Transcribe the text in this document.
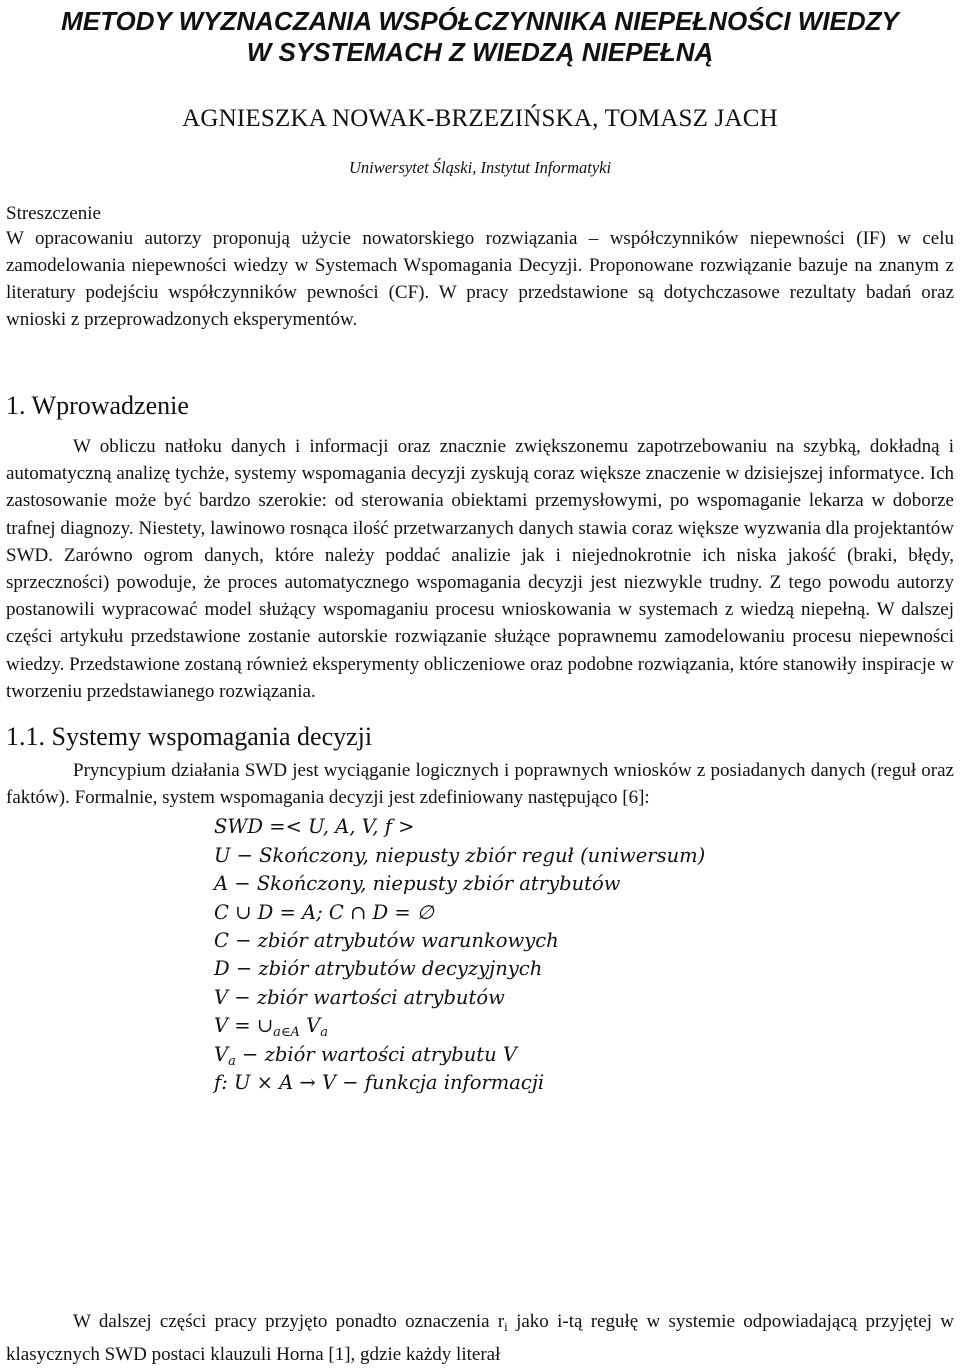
METODY WYZNACZANIA WSPÓŁCZYNNIKA NIEPEŁNOŚCI WIEDZY
W SYSTEMACH Z WIEDZĄ NIEPEŁNĄ
AGNIESZKA NOWAK-BRZEZIŃSKA, TOMASZ JACH
Uniwersytet Śląski, Instytut Informatyki
Streszczenie
W opracowaniu autorzy proponują użycie nowatorskiego rozwiązania – współczynników niepewności (IF) w celu zamodelowania niepewności wiedzy w Systemach Wspomagania Decyzji. Proponowane rozwiązanie bazuje na znanym z literatury podejściu współczynników pewności (CF). W pracy przedstawione są dotychczasowe rezultaty badań oraz wnioski z przeprowadzonych eksperymentów.
1. Wprowadzenie

W obliczu natłoku danych i informacji oraz znacznie zwiększonemu zapotrzebowaniu na szybką, dokładną i automatyczną analizę tychże, systemy wspomagania decyzji zyskują coraz większe znaczenie w dzisiejszej informatyce. Ich zastosowanie może być bardzo szerokie: od sterowania obiektami przemysłowymi, po wspomaganie lekarza w doborze trafnej diagnozy. Niestety, lawinowo rosnąca ilość przetwarzanych danych stawia coraz większe wyzwania dla projektantów SWD. Zarówno ogrom danych, które należy poddać analizie jak i niejednokrotnie ich niska jakość (braki, błędy, sprzeczności) powoduje, że proces automatycznego wspomagania decyzji jest niezwykle trudny. Z tego powodu autorzy postanowili wypracować model służący wspomaganiu procesu wnioskowania w systemach z wiedzą niepełną. W dalszej części artykułu przedstawione zostanie autorskie rozwiązanie służące poprawnemu zamodelowaniu procesu niepewności wiedzy. Przedstawione zostaną również eksperymenty obliczeniowe oraz podobne rozwiązania, które stanowiły inspiracje w tworzeniu przedstawianego rozwiązania.

1.1. Systemy wspomagania decyzji

Pryncypium działania SWD jest wyciąganie logicznych i poprawnych wniosków z posiadanych danych (reguł oraz faktów). Formalnie, system wspomagania decyzji jest zdefiniowany następująco [6]:

SWD =< U, A, V, f >
U − Skończony, niepusty zbiór reguł (uniwersum)
A − Skończony, niepusty zbiór atrybutów
C ∪ D = A; C ∩ D = ∅
C − zbiór atrybutów warunkowych
D − zbiór atrybutów decyzyjnych
V − zbiór wartości atrybutów
$V = \cup_{a\in A}$ $V_a$
$V_a$ − zbiór wartości atrybutu V
f: U × A → V − funkcja informacji

W dalszej części pracy przyjęto ponadto oznaczenia $r_i$ jako i-tą regułę w systemie odpowiadającą przyjętej w klasycznych SWD postaci klauzuli Horna [1], gdzie każdy literał
